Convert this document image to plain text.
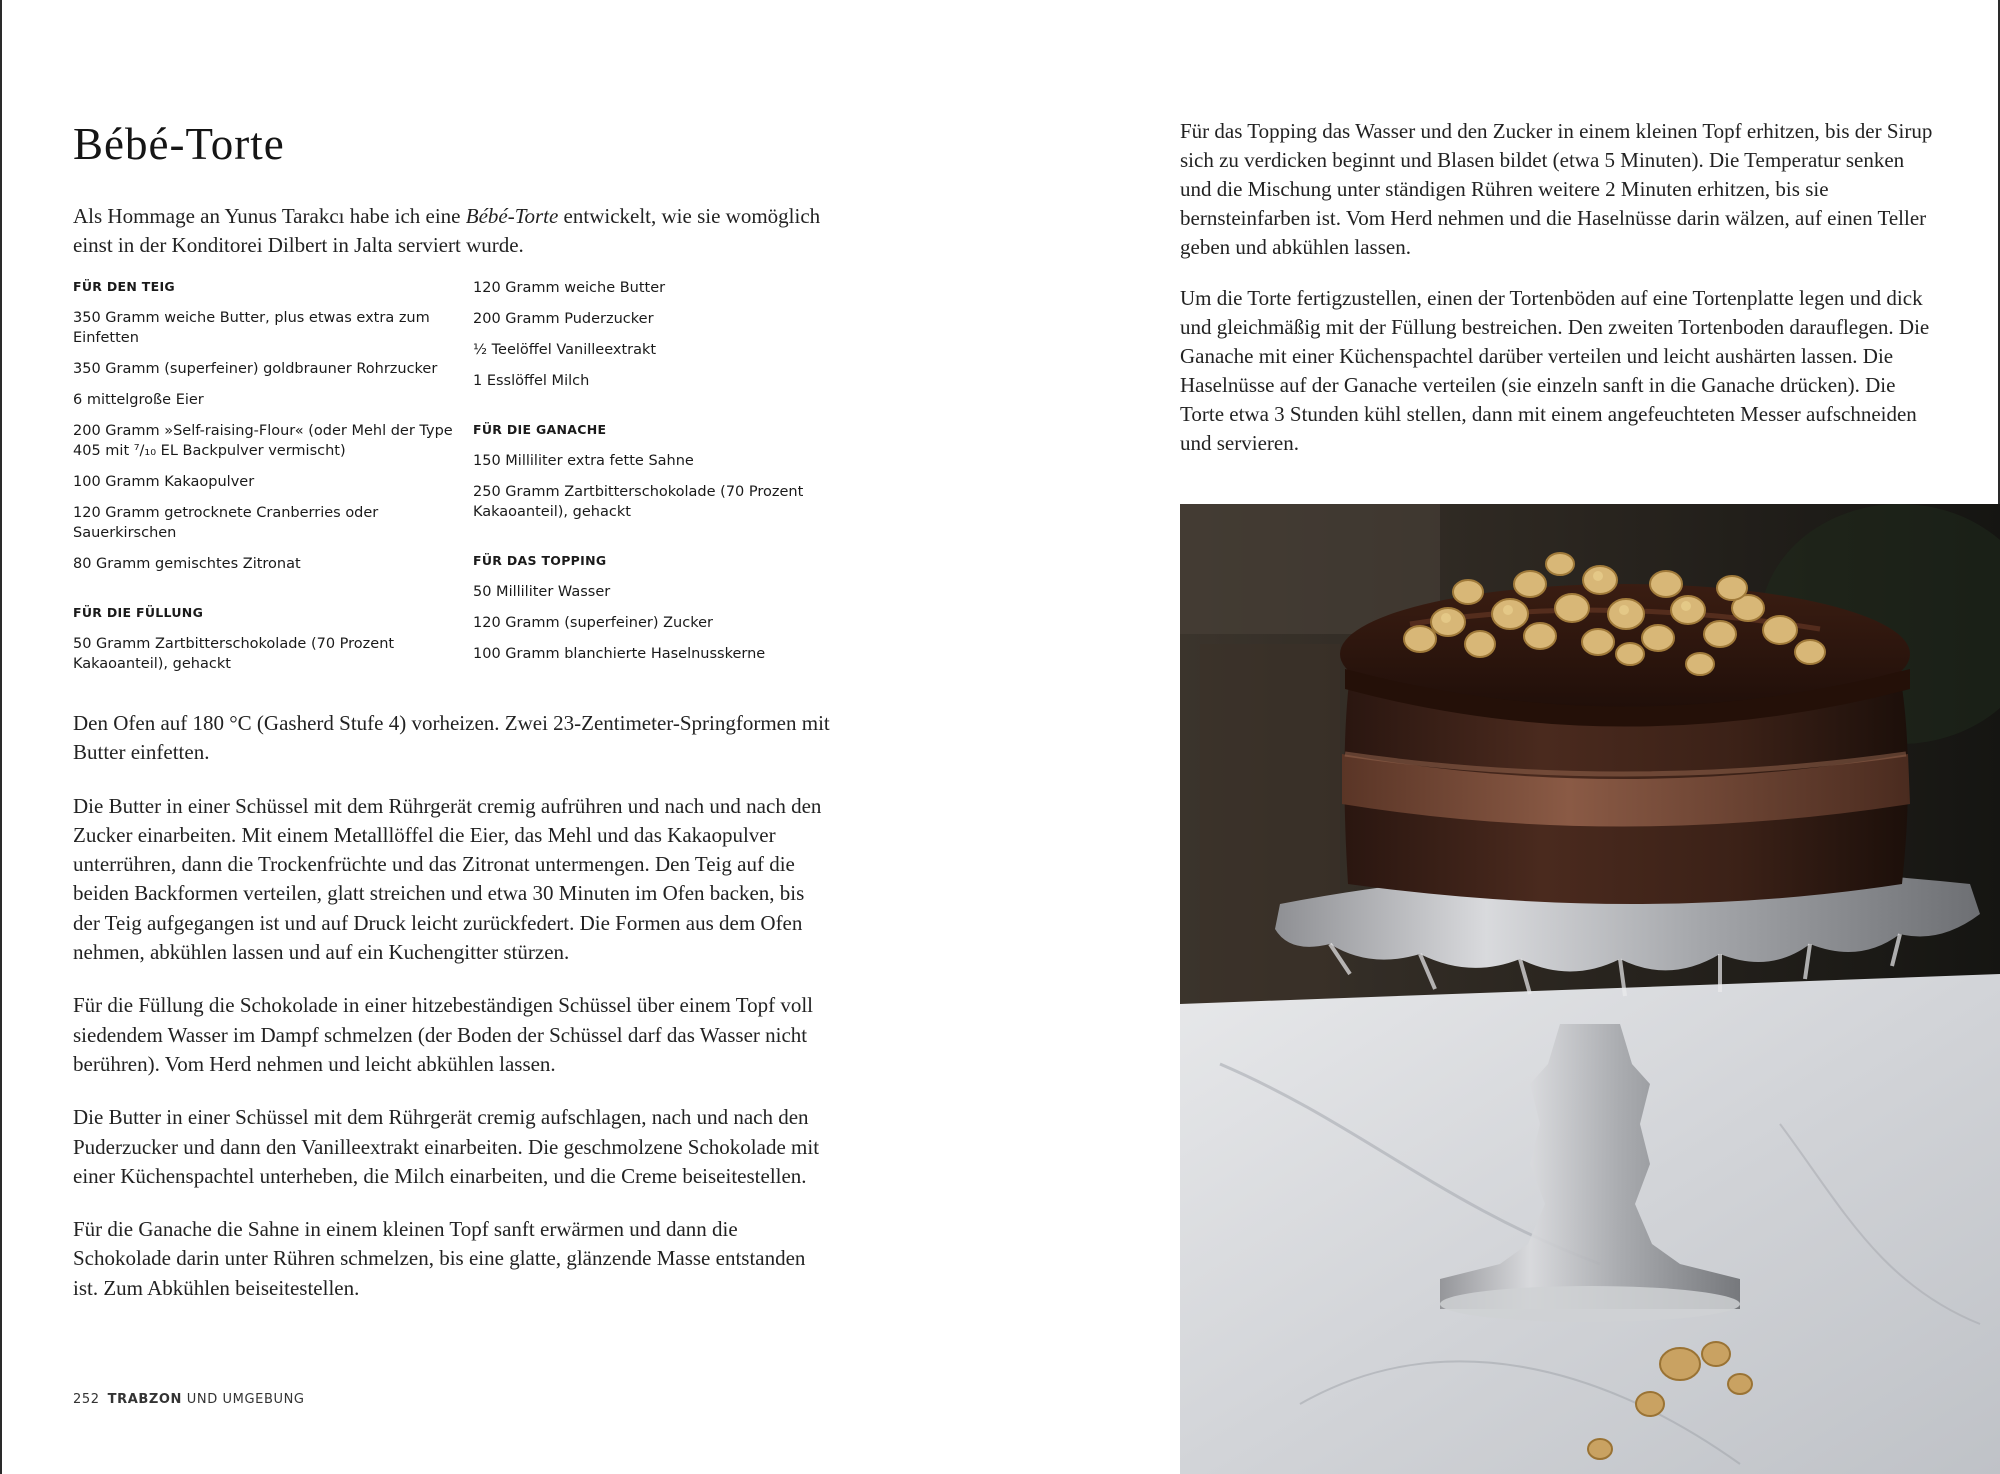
Bébé-Torte

Als Hommage an Yunus Tarakcı habe ich eine Bébé-Torte entwickelt, wie sie womöglich einst in der Konditorei Dilbert in Jalta serviert wurde.

FÜR DEN TEIG
350 Gramm weiche Butter, plus etwas extra zum Einfetten
350 Gramm (superfeiner) goldbrauner Rohrzucker
6 mittelgroße Eier
200 Gramm »Self-raising-Flour« (oder Mehl der Type 405 mit ⁷/₁₀ EL Backpulver vermischt)
100 Gramm Kakaopulver
120 Gramm getrocknete Cranberries oder Sauerkirschen
80 Gramm gemischtes Zitronat
FÜR DIE FÜLLUNG
50 Gramm Zartbitterschokolade (70 Prozent Kakaoanteil), gehackt
120 Gramm weiche Butter
200 Gramm Puderzucker
½ Teelöffel Vanilleextrakt
1 Esslöffel Milch
FÜR DIE GANACHE
150 Milliliter extra fette Sahne
250 Gramm Zartbitterschokolade (70 Prozent Kakaoanteil), gehackt
FÜR DAS TOPPING
50 Milliliter Wasser
120 Gramm (superfeiner) Zucker
100 Gramm blanchierte Haselnusskerne

Den Ofen auf 180 °C (Gasherd Stufe 4) vorheizen. Zwei 23-Zentimeter-Springformen mit Butter einfetten.

Die Butter in einer Schüssel mit dem Rührgerät cremig aufrühren und nach und nach den Zucker einarbeiten. Mit einem Metalllöffel die Eier, das Mehl und das Kakaopulver unterrühren, dann die Trockenfrüchte und das Zitronat untermengen. Den Teig auf die beiden Backformen verteilen, glatt streichen und etwa 30 Minuten im Ofen backen, bis der Teig aufgegangen ist und auf Druck leicht zurückfedert. Die Formen aus dem Ofen nehmen, abkühlen lassen und auf ein Kuchengitter stürzen.

Für die Füllung die Schokolade in einer hitzebeständigen Schüssel über einem Topf voll siedendem Wasser im Dampf schmelzen (der Boden der Schüssel darf das Wasser nicht berühren). Vom Herd nehmen und leicht abkühlen lassen.

Die Butter in einer Schüssel mit dem Rührgerät cremig aufschlagen, nach und nach den Puderzucker und dann den Vanilleextrakt einarbeiten. Die geschmolzene Schokolade mit einer Küchenspachtel unterheben, die Milch einarbeiten, und die Creme beiseitestellen.

Für die Ganache die Sahne in einem kleinen Topf sanft erwärmen und dann die Schokolade darin unter Rühren schmelzen, bis eine glatte, glänzende Masse entstanden ist. Zum Abkühlen beiseitestellen.

252 TRABZON UND UMGEBUNG

Für das Topping das Wasser und den Zucker in einem kleinen Topf erhitzen, bis der Sirup sich zu verdicken beginnt und Blasen bildet (etwa 5 Minuten). Die Temperatur senken und die Mischung unter ständigen Rühren weitere 2 Minuten erhitzen, bis sie bernsteinfarben ist. Vom Herd nehmen und die Haselnüsse darin wälzen, auf einen Teller geben und abkühlen lassen.

Um die Torte fertigzustellen, einen der Tortenböden auf eine Tortenplatte legen und dick und gleichmäßig mit der Füllung bestreichen. Den zweiten Tortenboden darauflegen. Die Ganache mit einer Küchenspachtel darüber verteilen und leicht aushärten lassen. Die Haselnüsse auf der Ganache verteilen (sie einzeln sanft in die Ganache drücken). Die Torte etwa 3 Stunden kühl stellen, dann mit einem angefeuchteten Messer aufschneiden und servieren.
